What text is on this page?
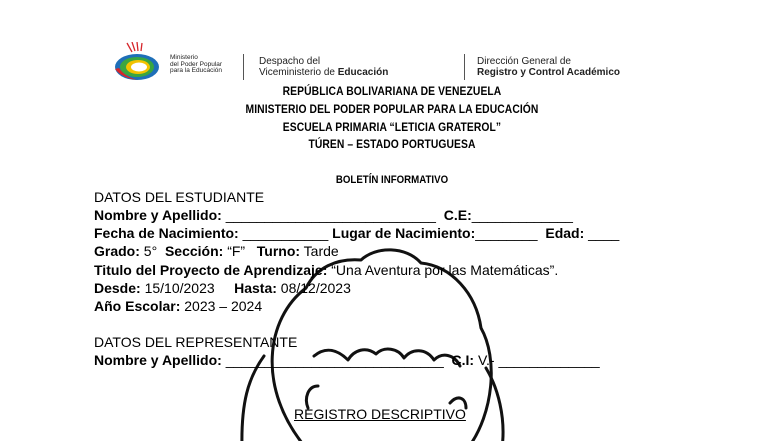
Ministerio
del Poder Popular
para la Educación
Despacho del
Viceministerio de Educación
Dirección General de
Registro y Control Académico
REPÚBLICA BOLIVARIANA DE VENEZUELA
MINISTERIO DEL PODER POPULAR PARA LA EDUCACIÓN
ESCUELA PRIMARIA “LETICIA GRATEROL”
TÚREN – ESTADO PORTUGUESA
BOLETÍN INFORMATIVO
DATOS DEL ESTUDIANTE
Nombre y Apellido: ___________________________  C.E:_____________
Fecha de Nacimiento: ___________ Lugar de Nacimiento:________  Edad: ____
Grado: 5°  Sección: “F”   Turno: Tarde
Titulo del Proyecto de Aprendizaje: “Una Aventura por las Matemáticas”.
Desde: 15/10/2023     Hasta: 08/12/2023
Año Escolar: 2023 – 2024
DATOS DEL REPRESENTANTE
Nombre y Apellido: ____________________________  C.I: V.- _____________
REGISTRO DESCRIPTIVO
